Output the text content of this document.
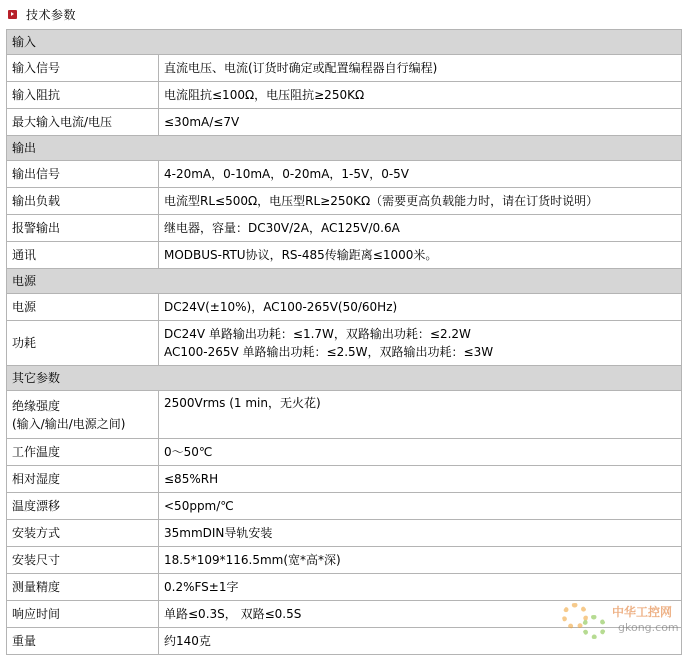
技术参数
输入	
输入信号	直流电压、电流(订货时确定或配置编程器自行编程)
输入阻抗	电流阻抗≤100Ω，电压阻抗≥250KΩ
最大输入电流/电压	≤30mA/≤7V
输出	
输出信号	4-20mA，0-10mA，0-20mA，1-5V，0-5V
输出负载	电流型RL≤500Ω，电压型RL≥250KΩ（需要更高负载能力时，请在订货时说明）
报警输出	继电器，容量：DC30V/2A，AC125V/0.6A
通讯	MODBUS-RTU协议，RS-485传输距离≤1000米。
电源	
电源	DC24V(±10%)，AC100-265V(50/60Hz)
功耗	DC24V 单路输出功耗：≤1.7W，双路输出功耗：≤2.2W
AC100-265V 单路输出功耗：≤2.5W，双路输出功耗：≤3W

其它参数	

绝缘强度
(输入/输出/电源之间)	2500Vrms (1 min，无火花)
工作温度	0～50℃
相对湿度	≤85%RH
温度漂移	<50ppm/℃
安装方式	35mmDIN导轨安装
安装尺寸	18.5*109*116.5mm(宽*高*深)
测量精度	0.2%FS±1字
响应时间	单路≤0.3S， 双路≤0.5S
重量	约140克
中华工控网
gkong.com
